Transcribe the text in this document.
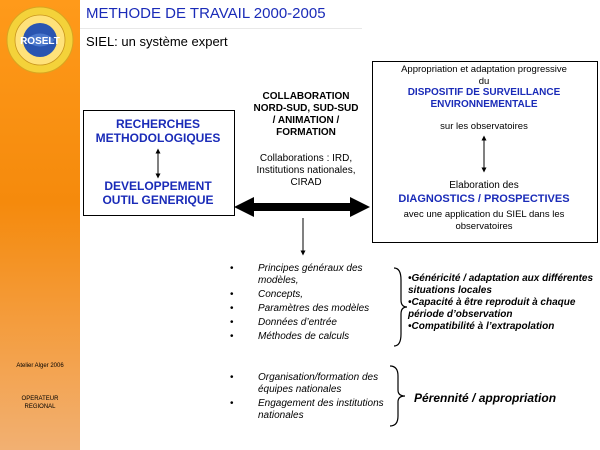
ROSELT
Atelier Alger 2006
OPERATEUR
REGIONAL
METHODE DE TRAVAIL 2000-2005
SIEL: un système expert
RECHERCHES
METHODOLOGIQUES
DEVELOPPEMENT
OUTIL GENERIQUE
COLLABORATION
NORD-SUD, SUD-SUD
/ ANIMATION /
FORMATION
Collaborations : IRD,
Institutions nationales,
CIRAD
Appropriation et adaptation progressive
du
DISPOSITIF DE SURVEILLANCE
ENVIRONNEMENTALE
sur les observatoires
Elaboration des
DIAGNOSTICS / PROSPECTIVES
avec une application du SIEL dans les
observatoires
• Principes généraux des modèles,
• Concepts,
• Paramètres des modèles
• Données d’entrée
• Méthodes de calculs
•Généricité / adaptation aux différentes situations locales
•Capacité à être reproduit à chaque période d’observation
•Compatibilité à l’extrapolation
• Organisation/formation des équipes nationales
• Engagement des institutions nationales
Pérennité / appropriation
